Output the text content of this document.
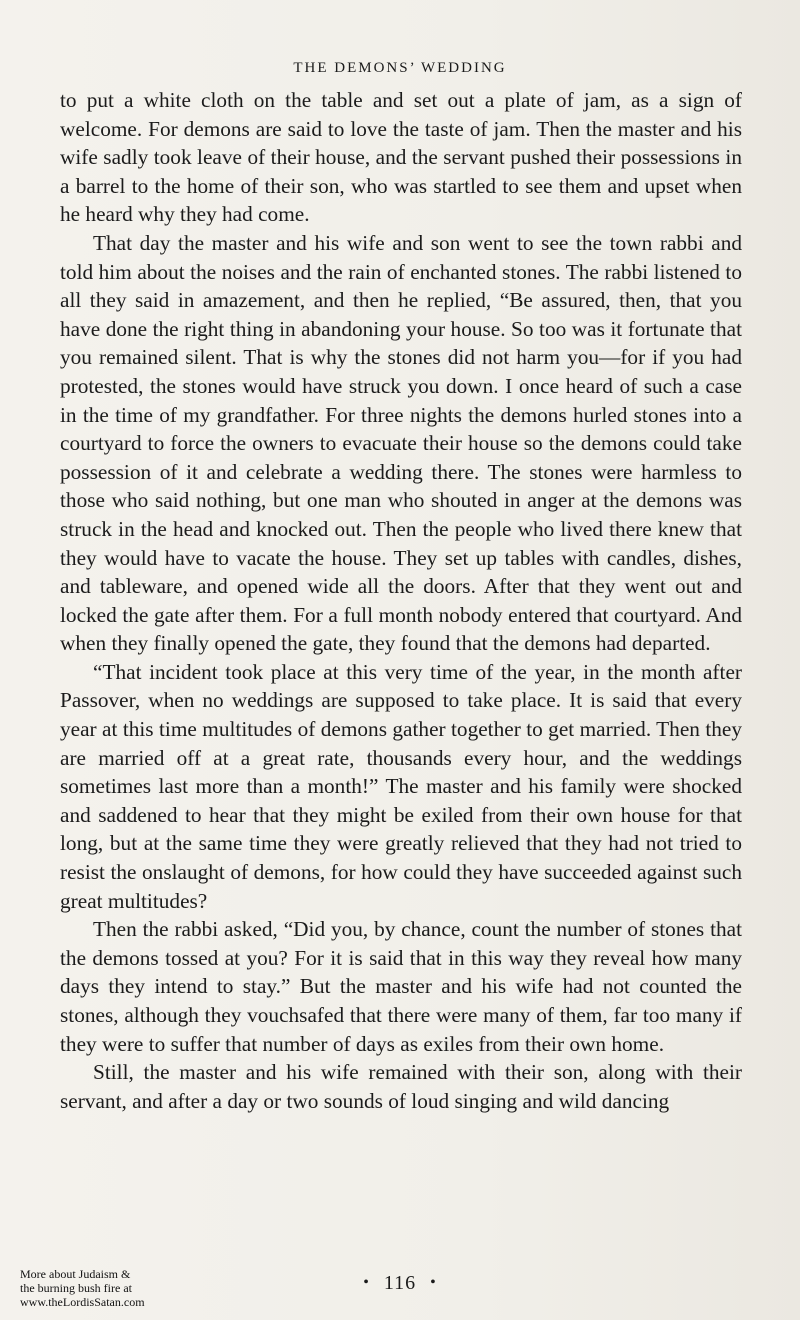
THE DEMONS’ WEDDING

to put a white cloth on the table and set out a plate of jam, as a sign of welcome. For demons are said to love the taste of jam. Then the master and his wife sadly took leave of their house, and the servant pushed their possessions in a barrel to the home of their son, who was startled to see them and upset when he heard why they had come.

That day the master and his wife and son went to see the town rabbi and told him about the noises and the rain of enchanted stones. The rabbi listened to all they said in amazement, and then he replied, “Be assured, then, that you have done the right thing in abandoning your house. So too was it fortunate that you remained silent. That is why the stones did not harm you—for if you had protested, the stones would have struck you down. I once heard of such a case in the time of my grandfather. For three nights the demons hurled stones into a courtyard to force the owners to evacuate their house so the demons could take possession of it and celebrate a wedding there. The stones were harmless to those who said nothing, but one man who shouted in anger at the demons was struck in the head and knocked out. Then the people who lived there knew that they would have to vacate the house. They set up tables with candles, dishes, and tableware, and opened wide all the doors. After that they went out and locked the gate after them. For a full month nobody entered that courtyard. And when they finally opened the gate, they found that the demons had departed.

“That incident took place at this very time of the year, in the month after Passover, when no weddings are supposed to take place. It is said that every year at this time multitudes of demons gather together to get married. Then they are married off at a great rate, thousands every hour, and the weddings sometimes last more than a month!” The master and his family were shocked and saddened to hear that they might be exiled from their own house for that long, but at the same time they were greatly relieved that they had not tried to resist the onslaught of demons, for how could they have succeeded against such great multitudes?

Then the rabbi asked, “Did you, by chance, count the number of stones that the demons tossed at you? For it is said that in this way they reveal how many days they intend to stay.” But the master and his wife had not counted the stones, although they vouchsafed that there were many of them, far too many if they were to suffer that number of days as exiles from their own home.

Still, the master and his wife remained with their son, along with their servant, and after a day or two sounds of loud singing and wild dancing

• 116 •
More about Judaism &
the burning bush fire at
www.theLordisSatan.com
